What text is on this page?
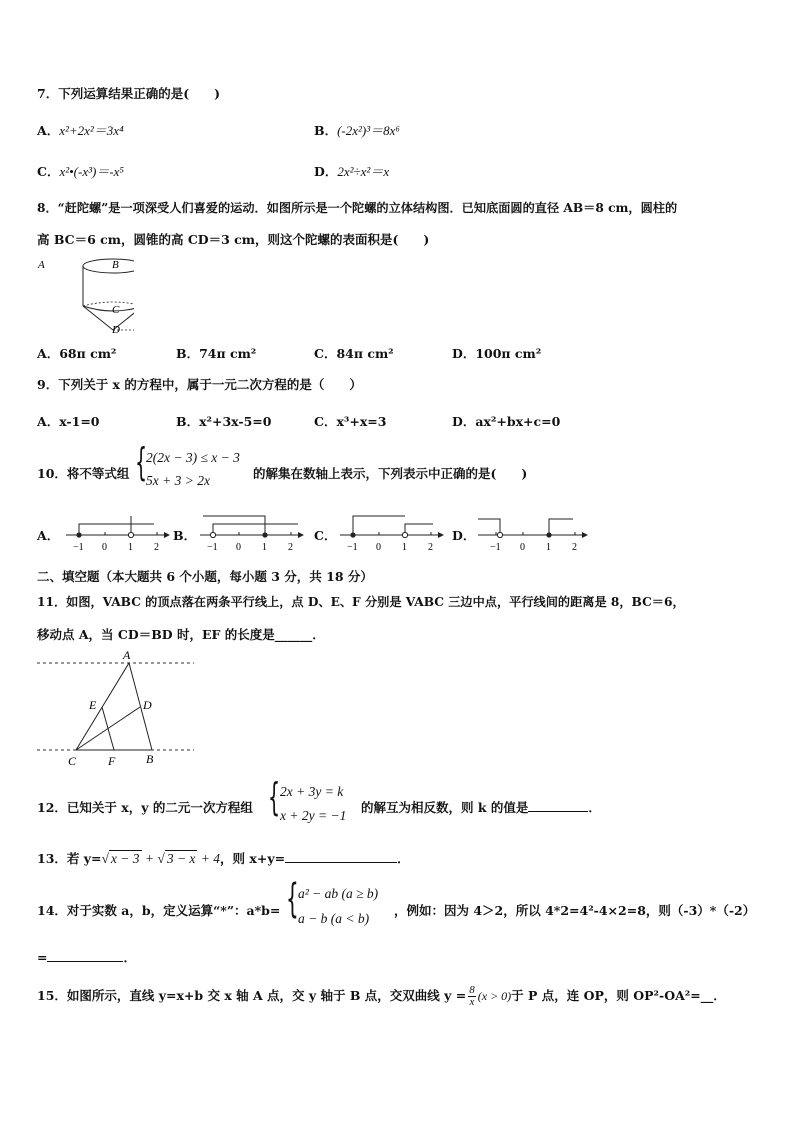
7．下列运算结果正确的是(　　)
A．x²+2x²＝3x⁴	B．(-2x²)³＝8x⁶
C．x²•(-x³)＝-x⁵	D．2x²÷x²＝x
8．“赶陀螺”是一项深受人们喜爱的运动．如图所示是一个陀螺的立体结构图．已知底面圆的直径 AB＝8 cm，圆柱的
高 BC＝6 cm，圆锥的高 CD＝3 cm，则这个陀螺的表面积是(　　)
A	B
C
D
A．68π cm²	B．74π cm²	C．84π cm²	D．100π cm²
9．下列关于 x 的方程中，属于一元二次方程的是（　　）
A．x-1=0	B．x²+3x-5=0	C．x³+x=3	D．ax²+bx+c=0
10．将不等式组 {
2(2x − 3) ≤ x − 3
5x + 3 > 2x	的解集在数轴上表示，下列表示中正确的是(　　)
A．
−1 0 1 2
B．
−1 0 1 2
C．
−1 0 1 2
D．
−1 0 1 2
二、填空题（本大题共 6 个小题，每小题 3 分，共 18 分）
11．如图，VABC 的顶点落在两条平行线上，点 D、E、F 分别是 VABC 三边中点，平行线间的距离是 8，BC＝6，
移动点 A，当 CD＝BD 时，EF 的长度是______．
A
E	D
C	F	B
12．已知关于 x，y 的二元一次方程组 { 2x + 3y = k
x + 2y = −1
的解互为相反数，则 k 的值是	．
13．若 y=√ x − 3 + √ 3 − x + 4，则 x+y=	．
14．对于实数 a，b，定义运算“*”：a*b= { a² − ab (a ≥ b)
a − b (a < b)
，例如：因为 4＞2，所以 4*2=4²-4×2=8，则（-3）*（-2）
=	．
15．如图所示，直线 y=x+b 交 x 轴 A 点，交 y 轴于 B 点，交双曲线 $y = \frac{8}{x} (x > 0)$于 P 点，连 OP，则 OP²-OA²=__．
